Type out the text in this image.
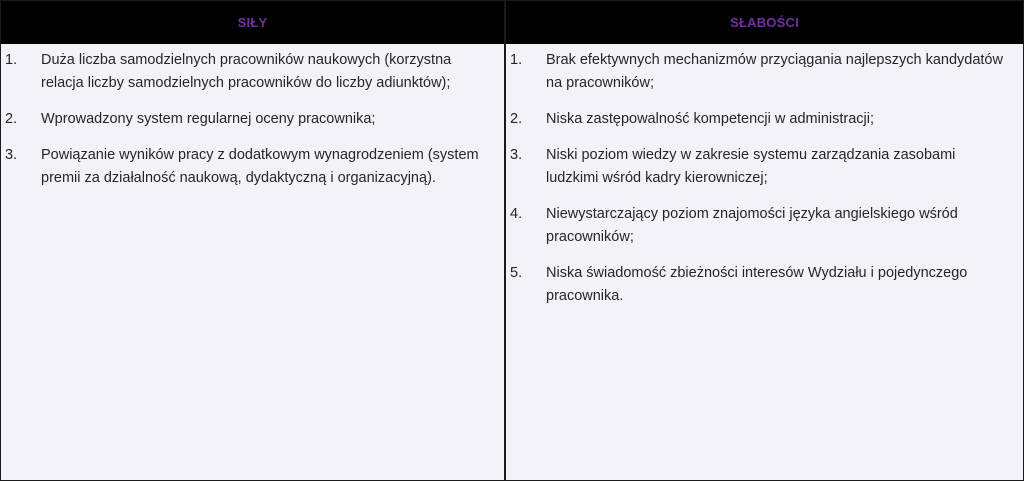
SIŁY
1. Duża liczba samodzielnych pracowników naukowych (korzystna relacja liczby samodzielnych pracowników do liczby adiunktów);
2. Wprowadzony system regularnej oceny pracownika;
3. Powiązanie wyników pracy z dodatkowym wynagrodzeniem (system premii za działalność naukową, dydaktyczną i organizacyjną).
SŁABOŚCI
1. Brak efektywnych mechanizmów przyciągania najlepszych kandydatów na pracowników;
2. Niska zastępowalność kompetencji w administracji;
3. Niski poziom wiedzy w zakresie systemu zarządzania zasobami ludzkimi wśród kadry kierowniczej;
4. Niewystarczający poziom znajomości języka angielskiego wśród pracowników;
5. Niska świadomość zbieżności interesów Wydziału i pojedynczego pracownika.
